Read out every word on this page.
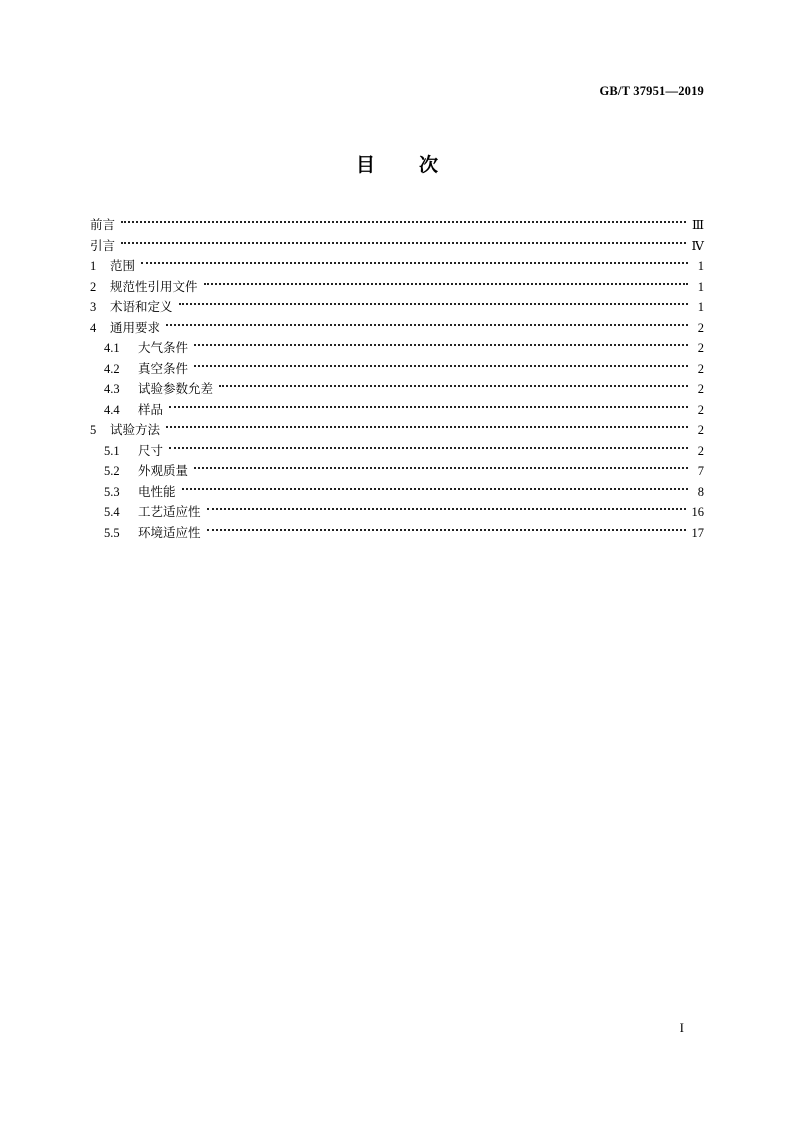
GB/T 37951—2019
目 次
前言	Ⅲ
引言	Ⅳ
1	范围	1
2	规范性引用文件	1
3	术语和定义	1
4	通用要求	2
4.1	大气条件	2
4.2	真空条件	2
4.3	试验参数允差	2
4.4	样品	2
5	试验方法	2
5.1	尺寸	2
5.2	外观质量	7
5.3	电性能	8
5.4	工艺适应性	16
5.5	环境适应性	17
I
